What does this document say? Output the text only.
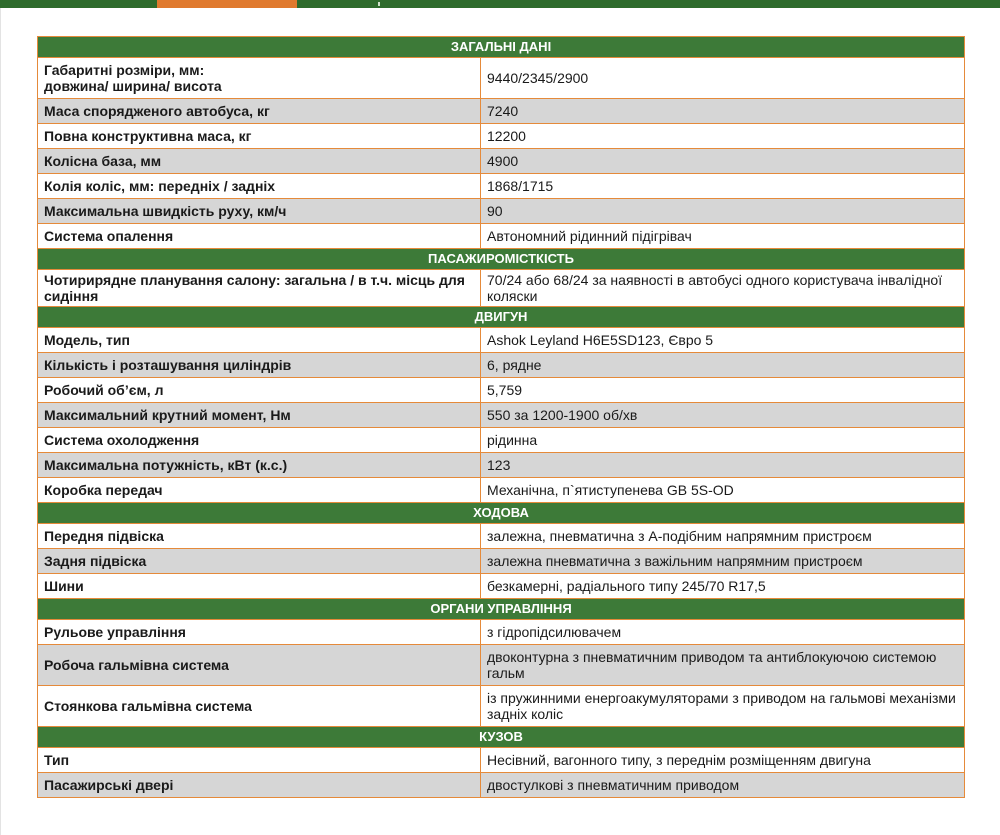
ЗАГАЛЬНІ ДАНІ	
Габаритні розміри, мм:
довжина/ ширина/ висота	9440/2345/2900
Маса спорядженого автобуса, кг	7240
Повна конструктивна маса, кг	12200
Колісна база, мм	4900
Колія коліс, мм: передніх / задніх	1868/1715
Максимальна швидкість руху, км/ч	90
Система опалення	Автономний рідинний підігрівач
ПАСАЖИРОМІСТКІСТЬ	
Чотирирядне планування салону: загальна / в т.ч. місць для сидіння	70/24 або 68/24 за наявності в автобусі одного користувача інвалідної коляски
ДВИГУН	
Модель, тип	Ashok Leyland H6E5SD123, Євро 5
Кількість і розташування циліндрів	6, рядне
Робочий об’єм, л	5,759
Максимальний крутний момент, Нм	550 за 1200-1900 об/хв
Система охолодження	рідинна
Максимальна потужність, кВт (к.с.)	123
Коробка передач	Механічна, п`ятиступенева GB 5S-OD
ХОДОВА	
Передня підвіска	залежна, пневматична з А-подібним напрямним пристроєм
Задня підвіска	залежна пневматична з важільним напрямним пристроєм
Шини	безкамерні, радіального типу 245/70 R17,5
ОРГАНИ УПРАВЛІННЯ	
Рульове управління	з гідропідсилювачем
Робоча гальмівна система	двоконтурна з пневматичним приводом та антиблокуючою системою гальм
Стоянкова гальмівна система	із пружинними енергоакумуляторами з приводом на гальмові механізми задніх коліс
КУЗОВ	
Тип	Несівний, вагонного типу, з переднім розміщенням двигуна
Пасажирські двері	двостулкові з пневматичним приводом
